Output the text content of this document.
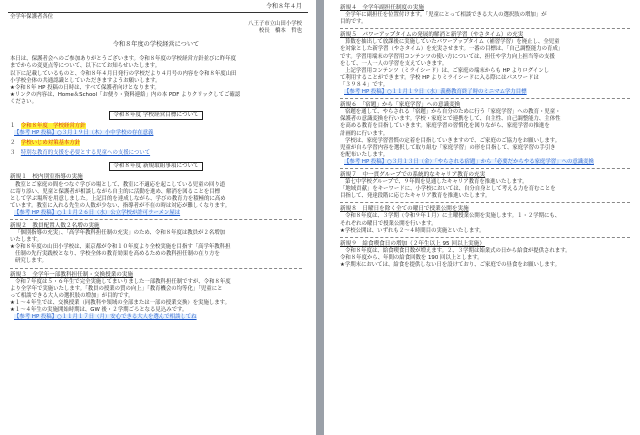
令和８年４月

全学年保護者各位

八王子市立山田小学校

校長　橋本　哲也

令和８年度の学校経営について

本日は、保護者会へのご参加ありがとうございます。令和８年度の学校経営方針並びに昨年度

までからの変更点等について、以下にてお知らせいたします。

以下に記載しているものと、令和８年４月日発行の学校だより４月号の内容を令和８年度山田

小学校全体の共通認識としていただきますようお願いします。

★令和８年 HP 投稿の日時は、すべて保護者向けとなります。

★リンクの内容は、Home＆School「お便り・資料連絡」内の本 PDF よりクリックしてご確認

ください。

令和８年度 学校経営目標について

１　令和８年度　学校経営方針

【参考 HP 投稿】○３月１９日（木）小中学校の存在意義

２　学校いじめ対策基本方針

３　特別な教育的支援を必要とする児童への支援について

令和８年度 新規取組事項について

新規１　校内別室指導の実施

教室とご家庭の間をつなぐ学びの場として、教室に不適応を起こしている児童の回り道

に寄り添い、児童と保護者が相談しながら自主的に活動を進め、解消を図ることを目標

として学ぶ場所を用意しました。上記目的を達成しながら、学びの教育力を積極的に高め

ています。教室に入れる先生の人数が少ない、指導者が不在の時は対応が難しくなります。

【参考 HP 投稿】○１１月２６日（水）公立学校が許可ラーメン屋は

新規２　教員配置人数２名増の実施

「個別指導の充実」、「高学年教科担任制の充実」のため、令和８年度は教員が２名増加

いたします。

★令和８年度の山田小学校は、東京都が令和１０年度より全校実施を目指す「高学年教科担

任制の先行実践校となり、学校全体の教育効果を高めるための教科担任制の在り方を

研究します。

新規３　全学年一部教科担任制・交換授業の実施

令和７年度は５・６年生で完全実施してまいりました一部教科担任制ですが、令和８年度

より全学年で実施いたします。「教員の授業の質の向上」「教育機会の均等化」「児童にと

って相談できる大人の選択肢の増加」が目的です。

★１〜４年生では、交換授業（同教科や領域の全部または一部の授業交換）を実施します。

★１〜４年生の実施開始時期は、GW 後・２学期ごろとなる見込みです。

【参考 HP 投稿】○１１月１７日（月）安心できる大人を選んで相談してね

新規４　全学年副担任制度の実施

全学年に副担任を位置付けます。「児童にとって相談できる大人の選択肢の増加」が

目的です。

新規５　パワーアップタイムの発展的解消と新学習（やさタイム）の充実

算数を抽出して放課後に実施していたパワーアップタイム（補習学習）を廃止し、全児童

を対象とした新学習（やさタイム）を充実させます。一番の目標は、「自己調整能力の育成」

です。学習用端末の学習用コンテンツの使い方については、担任や学力向上担当等の支援

をして、一人一人の学習を支えていきます。

上記学習用コンテンツ（ミライシード）は、ご家庭の端末からも HP よりログインし

て利用することができます。学校 HP よりミライシードに入る際にはパスワードは

「３９８４」です。

【参考 HP 投稿】○１１月１９日（水）義務教育終了時のミニマム学力目標

新規６　「宿題」から「家庭学習」への意識変換

宿題を通して、やらされる「宿題」から自分のために行う「家庭学習」への教育・児童・

保護者の意識変換を行います。学校・家庭とで連携をして、自主性、自己調整能力、主体性

を高める教育を目指していきます。家庭学習の習慣化を図りながら、家庭学習の推進を

計画的に行います。

学校は、家庭学習習慣の定着を目指していきますので、ご家庭のご協力をお願いします。

児童が自ら学習内容を選択して取り組む「家庭学習」の形を目指して、家庭学習の手引き

を配布いたします。

【参考 HP 投稿】○３月１３日（金）「やらされる宿題」から「必要だからやる家庭学習」への意識変換

新規７　中一貫グループでの系統的なキャリア教育の充実

第七中学校グループで、９年間を見通したキャリア教育を推進いたします。

「地域貢献」をキーワードに、小学校においては、自分自身として考える力を育むことを

目指して、発達段階に応じたキャリア教育を推進いたします。

新規８　日曜日を除く全ての曜日で授業公開を実施

令和８年度は、３学期（令和９年１月）に土曜授業公開を実施します。１・２学期にも、

それぞれの曜日で授業公開を行います。

★学校公開は、いずれも２〜４時間目の実施といたします。

新規９　給食喫食日の増加（２年生以上 95 回以上実施）

令和８年度は、給食喫食日数が増えます。２、３学期は始業式の日から給食が提供されます。

令和８年度から、年間の給食回数を 190 回以上とします。

★学期末においては、給食を提供しない日を設けており、ご家庭での昼食をお願いします。
